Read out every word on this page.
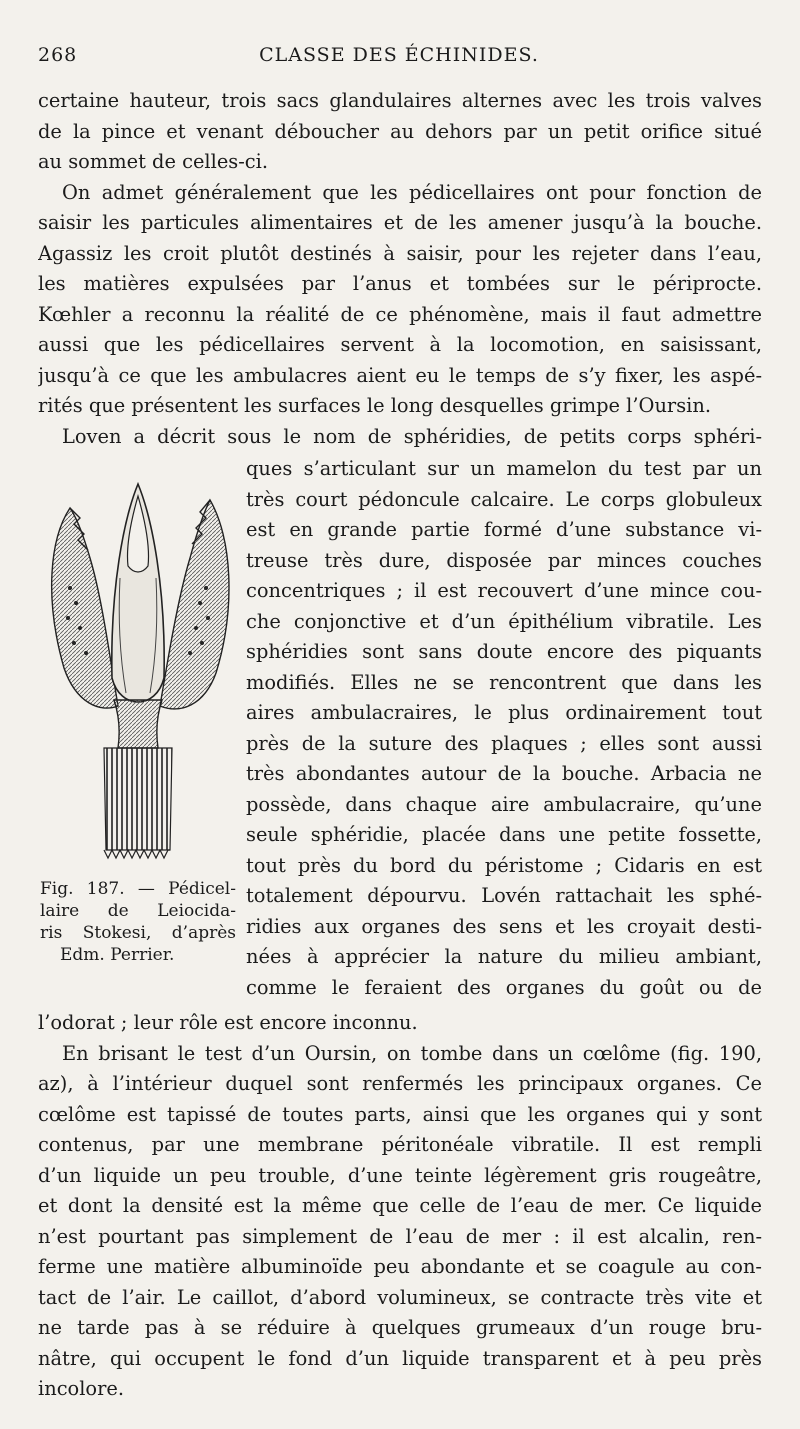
268	CLASSE DES ÉCHINIDES.
certaine hauteur, trois sacs glandulaires alternes avec les trois valves
de la pince et venant déboucher au dehors par un petit orifice situé
au sommet de celles-ci.
On admet généralement que les pédicellaires ont pour fonction de
saisir les particules alimentaires et de les amener jusqu’à la bouche.
Agassiz les croit plutôt destinés à saisir, pour les rejeter dans l’eau,
les matières expulsées par l’anus et tombées sur le périprocte.
Kœhler a reconnu la réalité de ce phénomène, mais il faut admettre
aussi que les pédicellaires servent à la locomotion, en saisissant,
jusqu’à ce que les ambulacres aient eu le temps de s’y fixer, les aspé-
rités que présentent les surfaces le long desquelles grimpe l’Oursin.
Loven a décrit sous le nom de sphéridies, de petits corps sphéri-
ques s’articulant sur un mamelon du test par un
très court pédoncule calcaire. Le corps globuleux
est en grande partie formé d’une substance vi-
treuse très dure, disposée par minces couches
concentriques ; il est recouvert d’une mince cou-
che conjonctive et d’un épithélium vibratile. Les
sphéridies sont sans doute encore des piquants
modifiés. Elles ne se rencontrent que dans les
aires ambulacraires, le plus ordinairement tout
près de la suture des plaques ; elles sont aussi
très abondantes autour de la bouche. Arbacia ne
possède, dans chaque aire ambulacraire, qu’une
seule sphéridie, placée dans une petite fossette,
tout près du bord du péristome ; Cidaris en est
totalement dépourvu. Lovén rattachait les sphé-
ridies aux organes des sens et les croyait desti-
nées à apprécier la nature du milieu ambiant,
comme le feraient des organes du goût ou de
Fig. 187. — Pédicel-
laire de Leiocida-
ris Stokesi, d’après
Edm. Perrier.
l’odorat ; leur rôle est encore inconnu.
En brisant le test d’un Oursin, on tombe dans un cœlôme (fig. 190,
az), à l’intérieur duquel sont renfermés les principaux organes. Ce
cœlôme est tapissé de toutes parts, ainsi que les organes qui y sont
contenus, par une membrane péritonéale vibratile. Il est rempli
d’un liquide un peu trouble, d’une teinte légèrement gris rougeâtre,
et dont la densité est la même que celle de l’eau de mer. Ce liquide
n’est pourtant pas simplement de l’eau de mer : il est alcalin, ren-
ferme une matière albuminoïde peu abondante et se coagule au con-
tact de l’air. Le caillot, d’abord volumineux, se contracte très vite et
ne tarde pas à se réduire à quelques grumeaux d’un rouge bru-
nâtre, qui occupent le fond d’un liquide transparent et à peu près
incolore.
